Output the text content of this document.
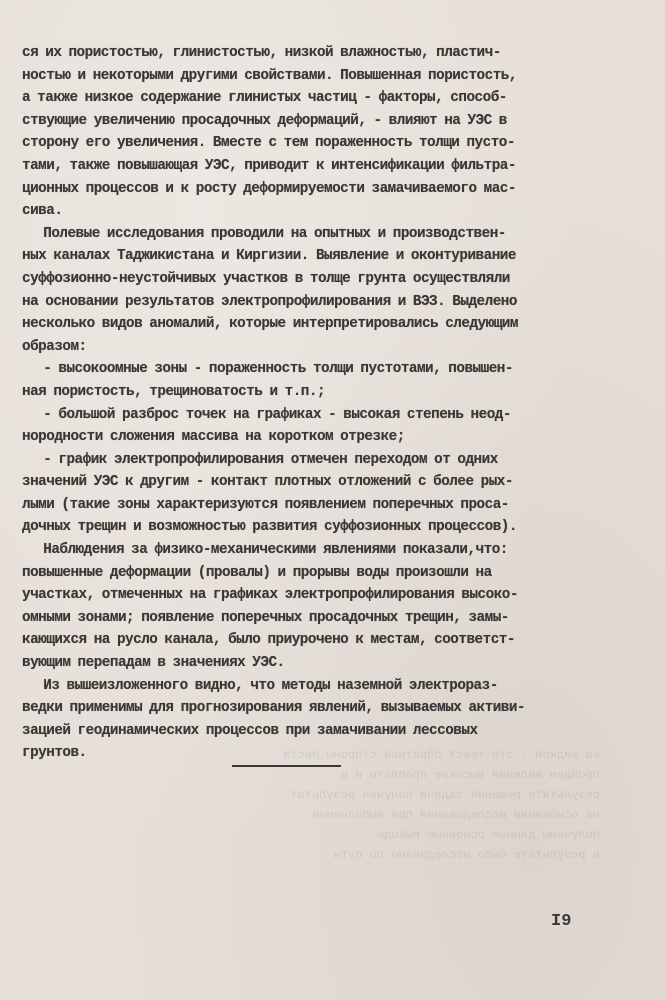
ка жидкой - это текст обратной стороны листа
пройден явлений высокие проплаты и в
результате решения задачи получен результат
на основании исследований при выполнении
получены данные основные выводы
в результате было исследовано по пути

ся их пористостью, глинистостью, низкой влажностью, пластич-
ностью и некоторыми другими свойствами. Повышенная пористость,
а также низкое содержание глинистых частиц - факторы, способ-
ствующие увеличению просадочных деформаций, - влияют на УЭС в
сторону его увеличения. Вместе с тем пораженность толщи пусто-
тами, также повышающая УЭС, приводит к интенсификации фильтра-
ционных процессов и к росту деформируемости замачиваемого мас-
сива.
Полевые исследования проводили на опытных и производствен-
ных каналах Таджикистана и Киргизии. Выявление и оконтуривание
суффозионно-неустойчивых участков в толще грунта осуществляли
на основании результатов электропрофилирования и ВЭЗ. Выделено
несколько видов аномалий, которые интерпретировались следующим
образом:
- высокоомные зоны - пораженность толщи пустотами, повышен-
ная пористость, трещиноватость и т.п.;
- большой разброс точек на графиках - высокая степень неод-
нородности сложения массива на коротком отрезке;
- график электропрофилирования отмечен переходом от одних
значений УЭС к другим - контакт плотных отложений с более рых-
лыми (такие зоны характеризуются появлением поперечных проса-
дочных трещин и возможностью развития суффозионных процессов).
Наблюдения за физико-механическими явлениями показали,что:
повышенные деформации (провалы) и прорывы воды произошли на
участках, отмеченных на графиках электропрофилирования высоко-
омными зонами; появление поперечных просадочных трещин, замы-
кающихся на русло канала, было приурочено к местам, соответст-
вующим перепадам в значениях УЭС.
Из вышеизложенного видно, что методы наземной электрораз-
ведки применимы для прогнозирования явлений, вызываемых активи-
зацией геодинамических процессов при замачивании лессовых
грунтов.
I9
